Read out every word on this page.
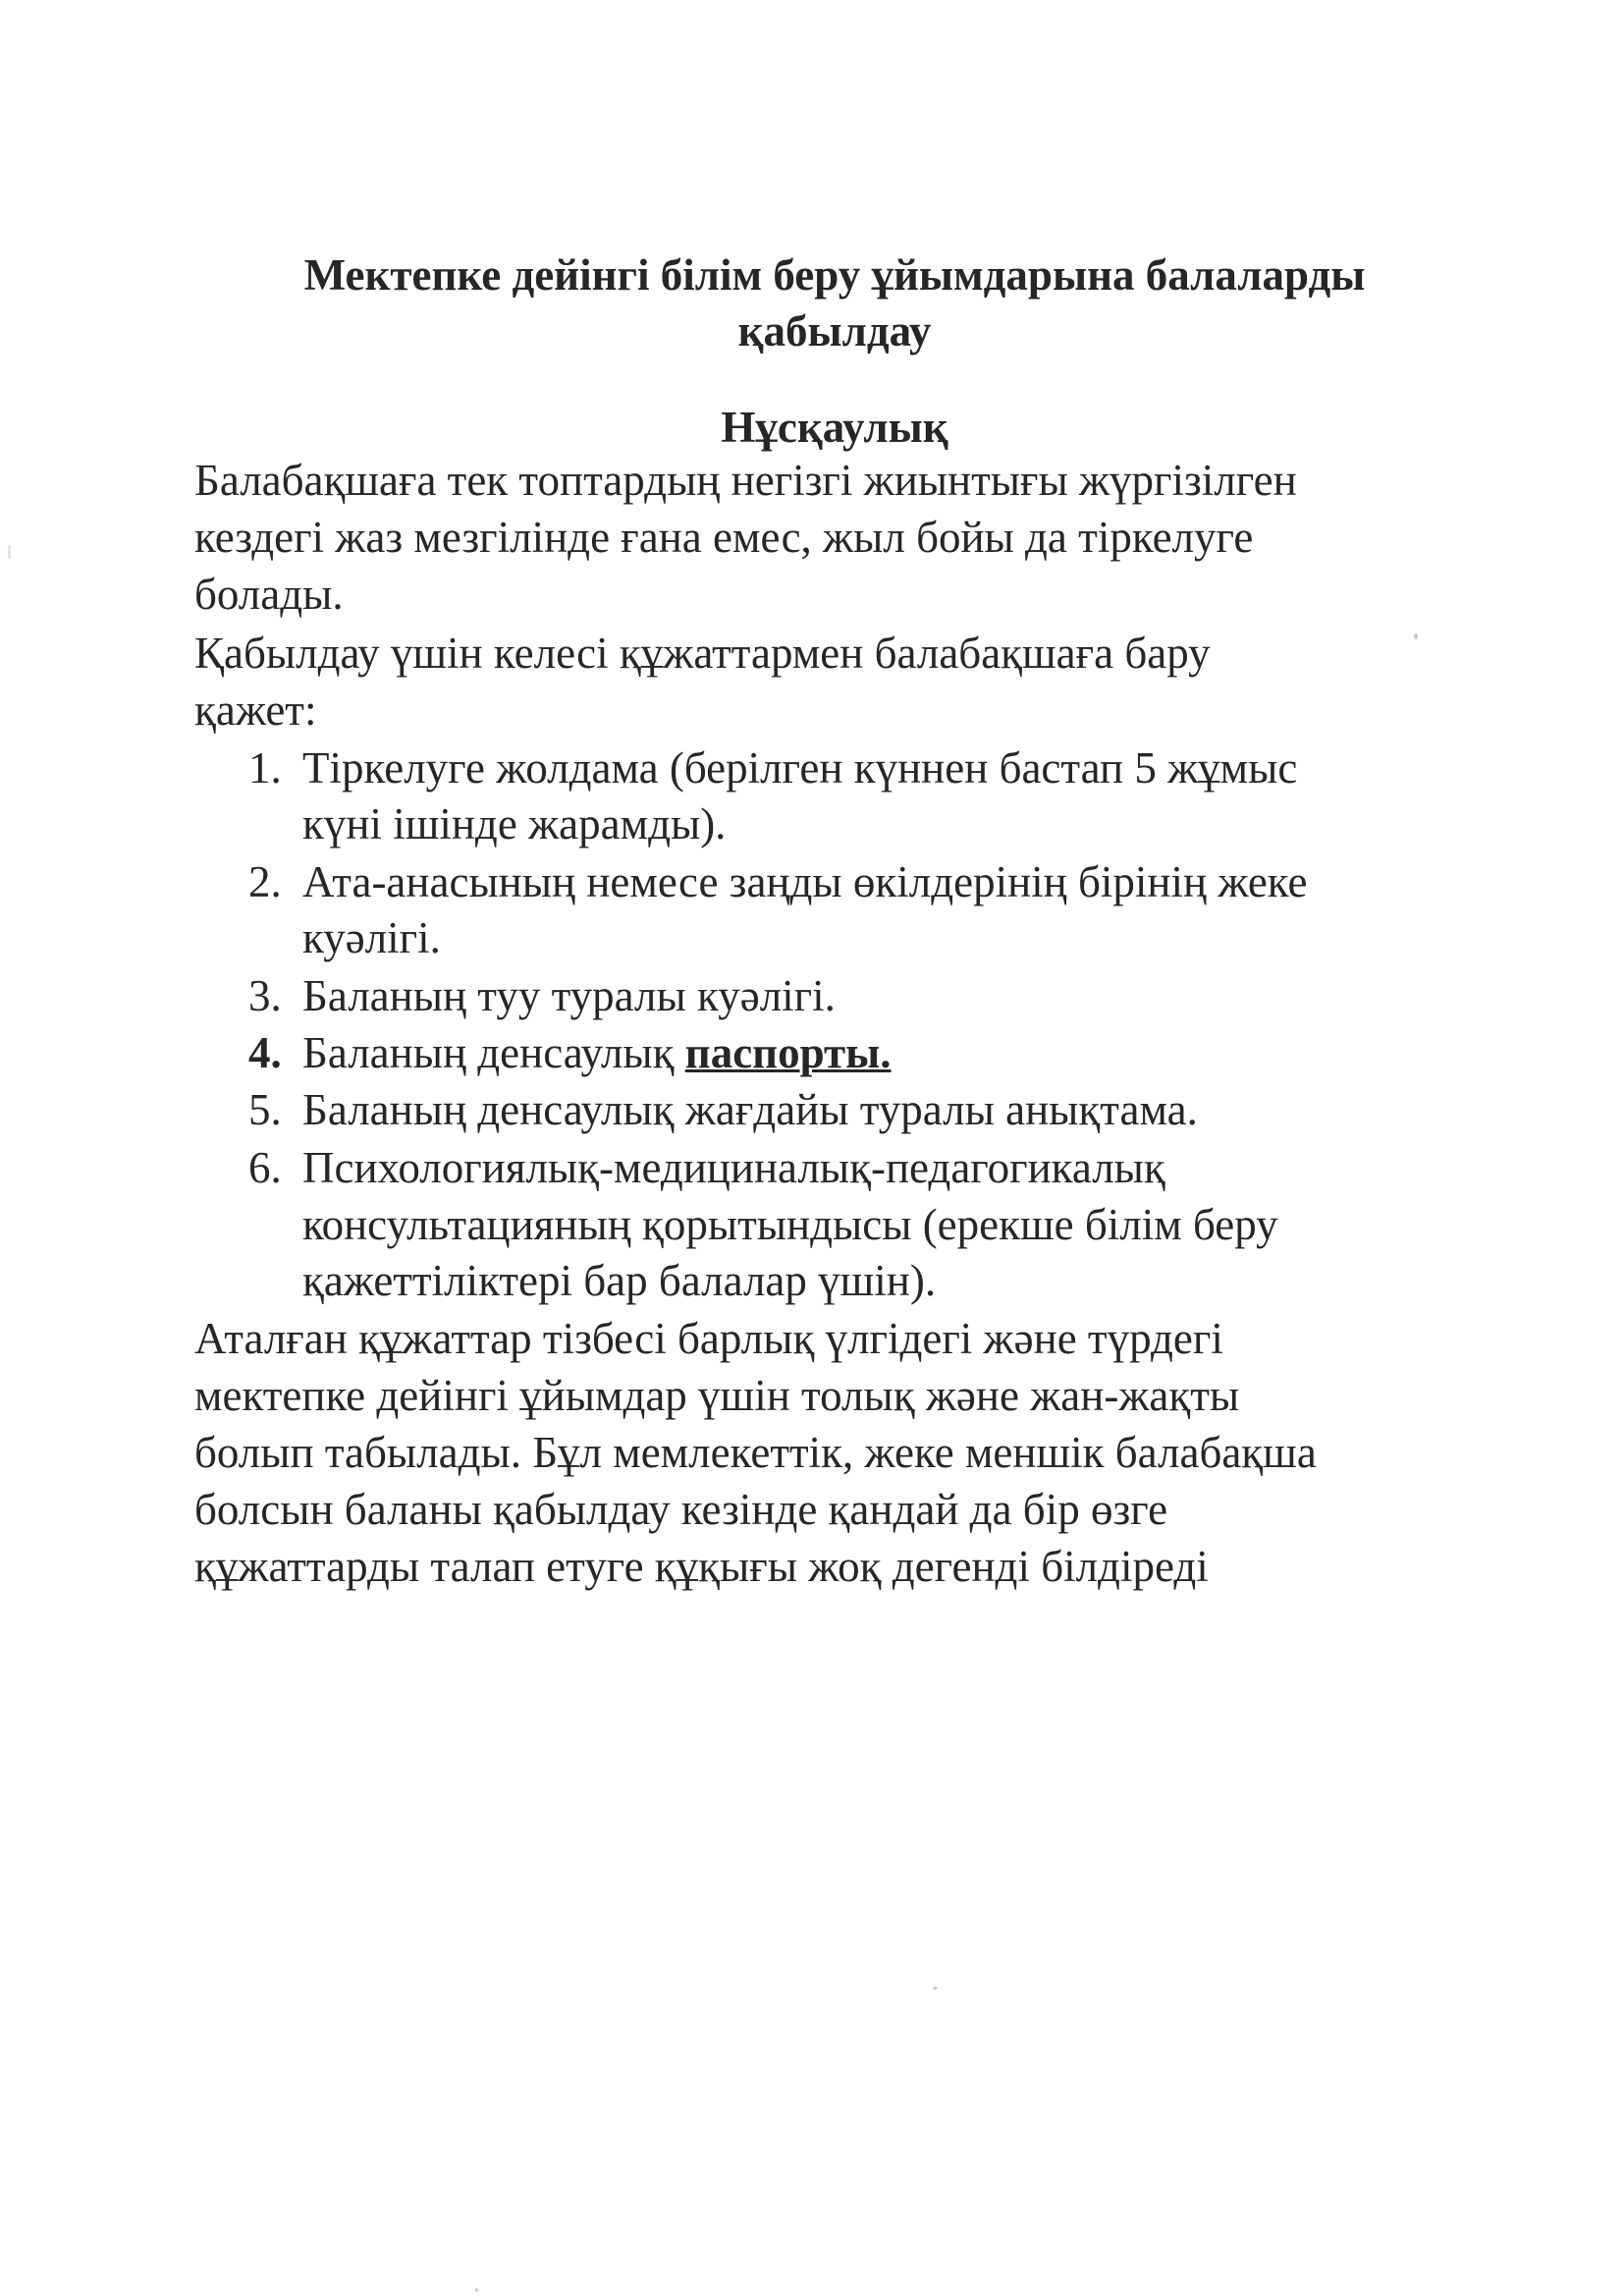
Мектепке дейінгі білім беру ұйымдарына балаларды
қабылдау
Нұсқаулық

Балабақшаға тек топтардың негізгі жиынтығы жүргізілген

кездегі жаз мезгілінде ғана емес, жыл бойы да тіркелуге

болады.

Қабылдау үшін келесі құжаттармен балабақшаға бару

қажет:

1. Тіркелуге жолдама (берілген күннен бастап 5 жұмыс
күні ішінде жарамды).
2. Ата-анасының немесе заңды өкілдерінің бірінің жеке
куәлігі.
3. Баланың туу туралы куәлігі.
4. Баланың денсаулық паспорты.
5. Баланың денсаулық жағдайы туралы анықтама.
6. Психологиялық-медициналық-педагогикалық
консультацияның қорытындысы (ерекше білім беру
қажеттіліктері бар балалар үшін).

Аталған құжаттар тізбесі барлық үлгідегі және түрдегі

мектепке дейінгі ұйымдар үшін толық және жан-жақты

болып табылады. Бұл мемлекеттік, жеке меншік балабақша

болсын баланы қабылдау кезінде қандай да бір өзге

құжаттарды талап етуге құқығы жоқ дегенді білдіреді
